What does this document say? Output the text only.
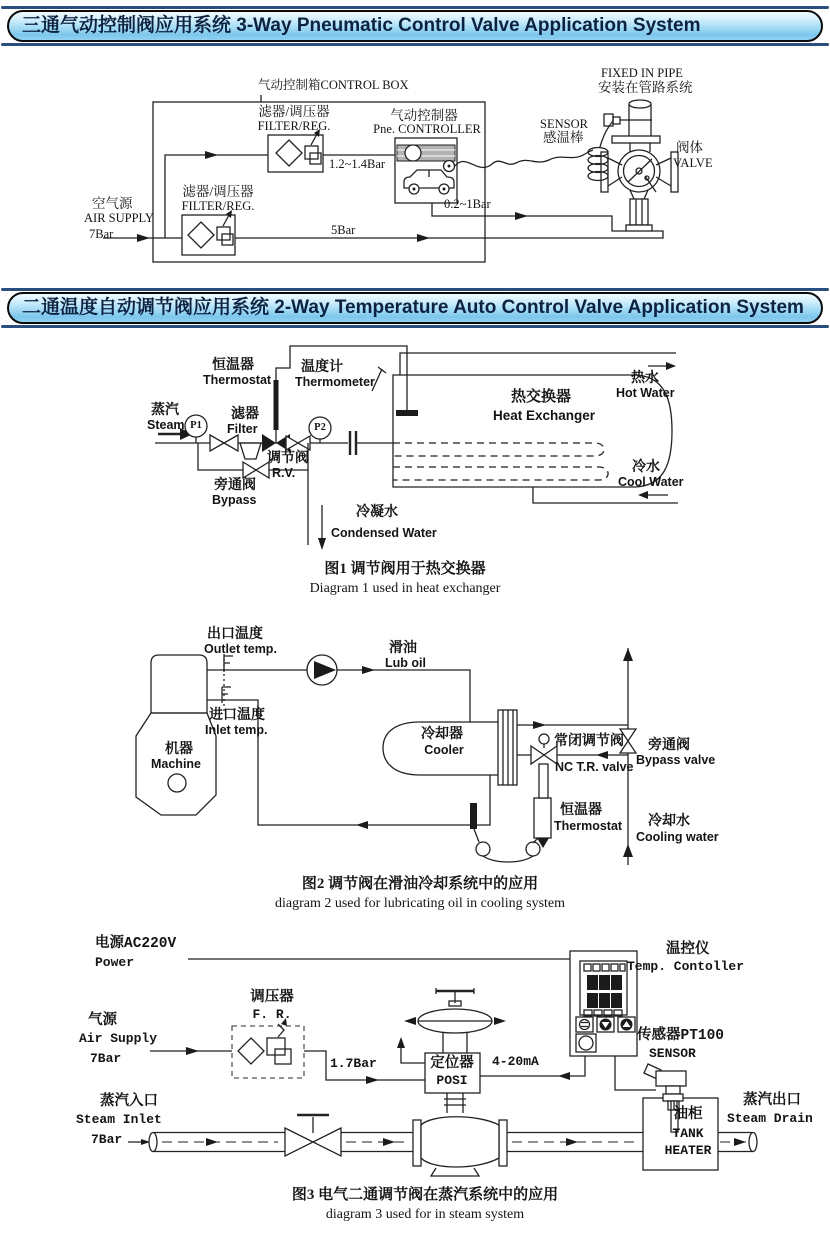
三通气动控制阀应用系统 3-Way Pneumatic Control Valve Application System
二通温度自动调节阀应用系统 2-Way Temperature Auto Control Valve Application System
气动控制箱CONTROL BOX
滤器/调压器
FILTER/REG.
气动控制器
Pne. CONTROLLER
1.2~1.4Bar
0.2~1Bar
5Bar
空气源
AIR SUPPLY
7Bar
滤器/调压器
FILTER/REG.
SENSOR
感温棒
FIXED IN PIPE
安装在管路系统
阀体
VALVE
蒸汽
Steam P1
恒温器
Thermostat
滤器
Filter
温度计
Thermometer
调节阀
R.V.
P2
旁通阀
Bypass
热交换器
Heat Exchanger
热水
Hot Water
冷水
Cool Water
冷凝水
Condensed Water
图1 调节阀用于热交换器
Diagram 1 used in heat exchanger
出口温度
Outlet temp.
进口温度
Inlet temp.
机器
Machine
滑油
Lub oil
冷却器
Cooler
常闭调节阀
NC T.R. valve
旁通阀
Bypass valve
恒温器
Thermostat 冷却水
Cooling water
图2 调节阀在滑油冷却系统中的应用
diagram 2 used for lubricating oil in cooling system
电源AC220V
Power
气源
Air Supply
7Bar
调压器
F. R.
1.7Bar	定位器
POSI
4-20mA
温控仪
Temp. Contoller
传感器PT100
SENSOR
蒸汽入口
Steam Inlet
7Bar
油柜
TANK
HEATER
蒸汽出口
Steam Drain
图3 电气二通调节阀在蒸汽系统中的应用
diagram 3 used for in steam system
